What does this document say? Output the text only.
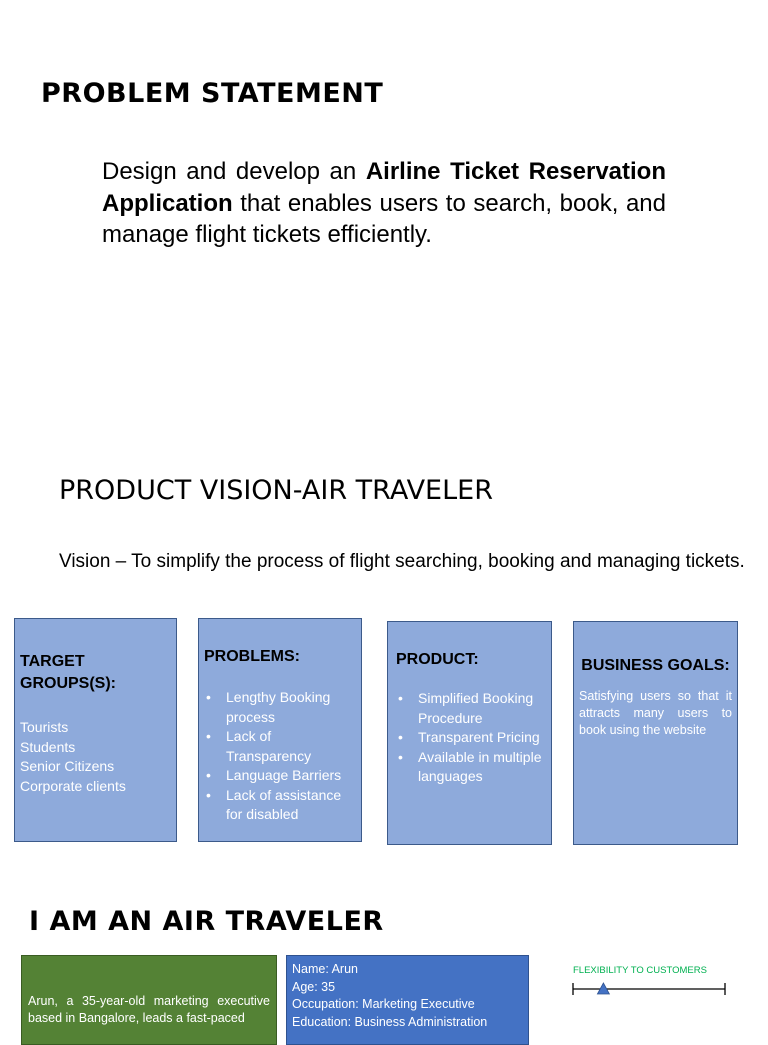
PROBLEM STATEMENT
Design and develop an Airline Ticket Reservation Application that enables users to search, book, and manage flight tickets efficiently.
PRODUCT VISION-AIR TRAVELER
Vision – To simplify the process of flight searching, booking and managing tickets.
TARGET GROUPS(S):
Tourists
Students
Senior Citizens
Corporate clients
PROBLEMS:
• Lengthy Booking process
• Lack of Transparency
• Language Barriers
• Lack of assistance for disabled
PRODUCT:
• Simplified Booking Procedure
• Transparent Pricing
• Available in multiple languages
BUSINESS GOALS:
Satisfying users so that it attracts many users to book using the website
I AM AN AIR TRAVELER
Arun, a 35-year-old marketing executive based in Bangalore, leads a fast-paced
Name: Arun
Age: 35
Occupation: Marketing Executive
Education: Business Administration
FLEXIBILITY TO CUSTOMERS
